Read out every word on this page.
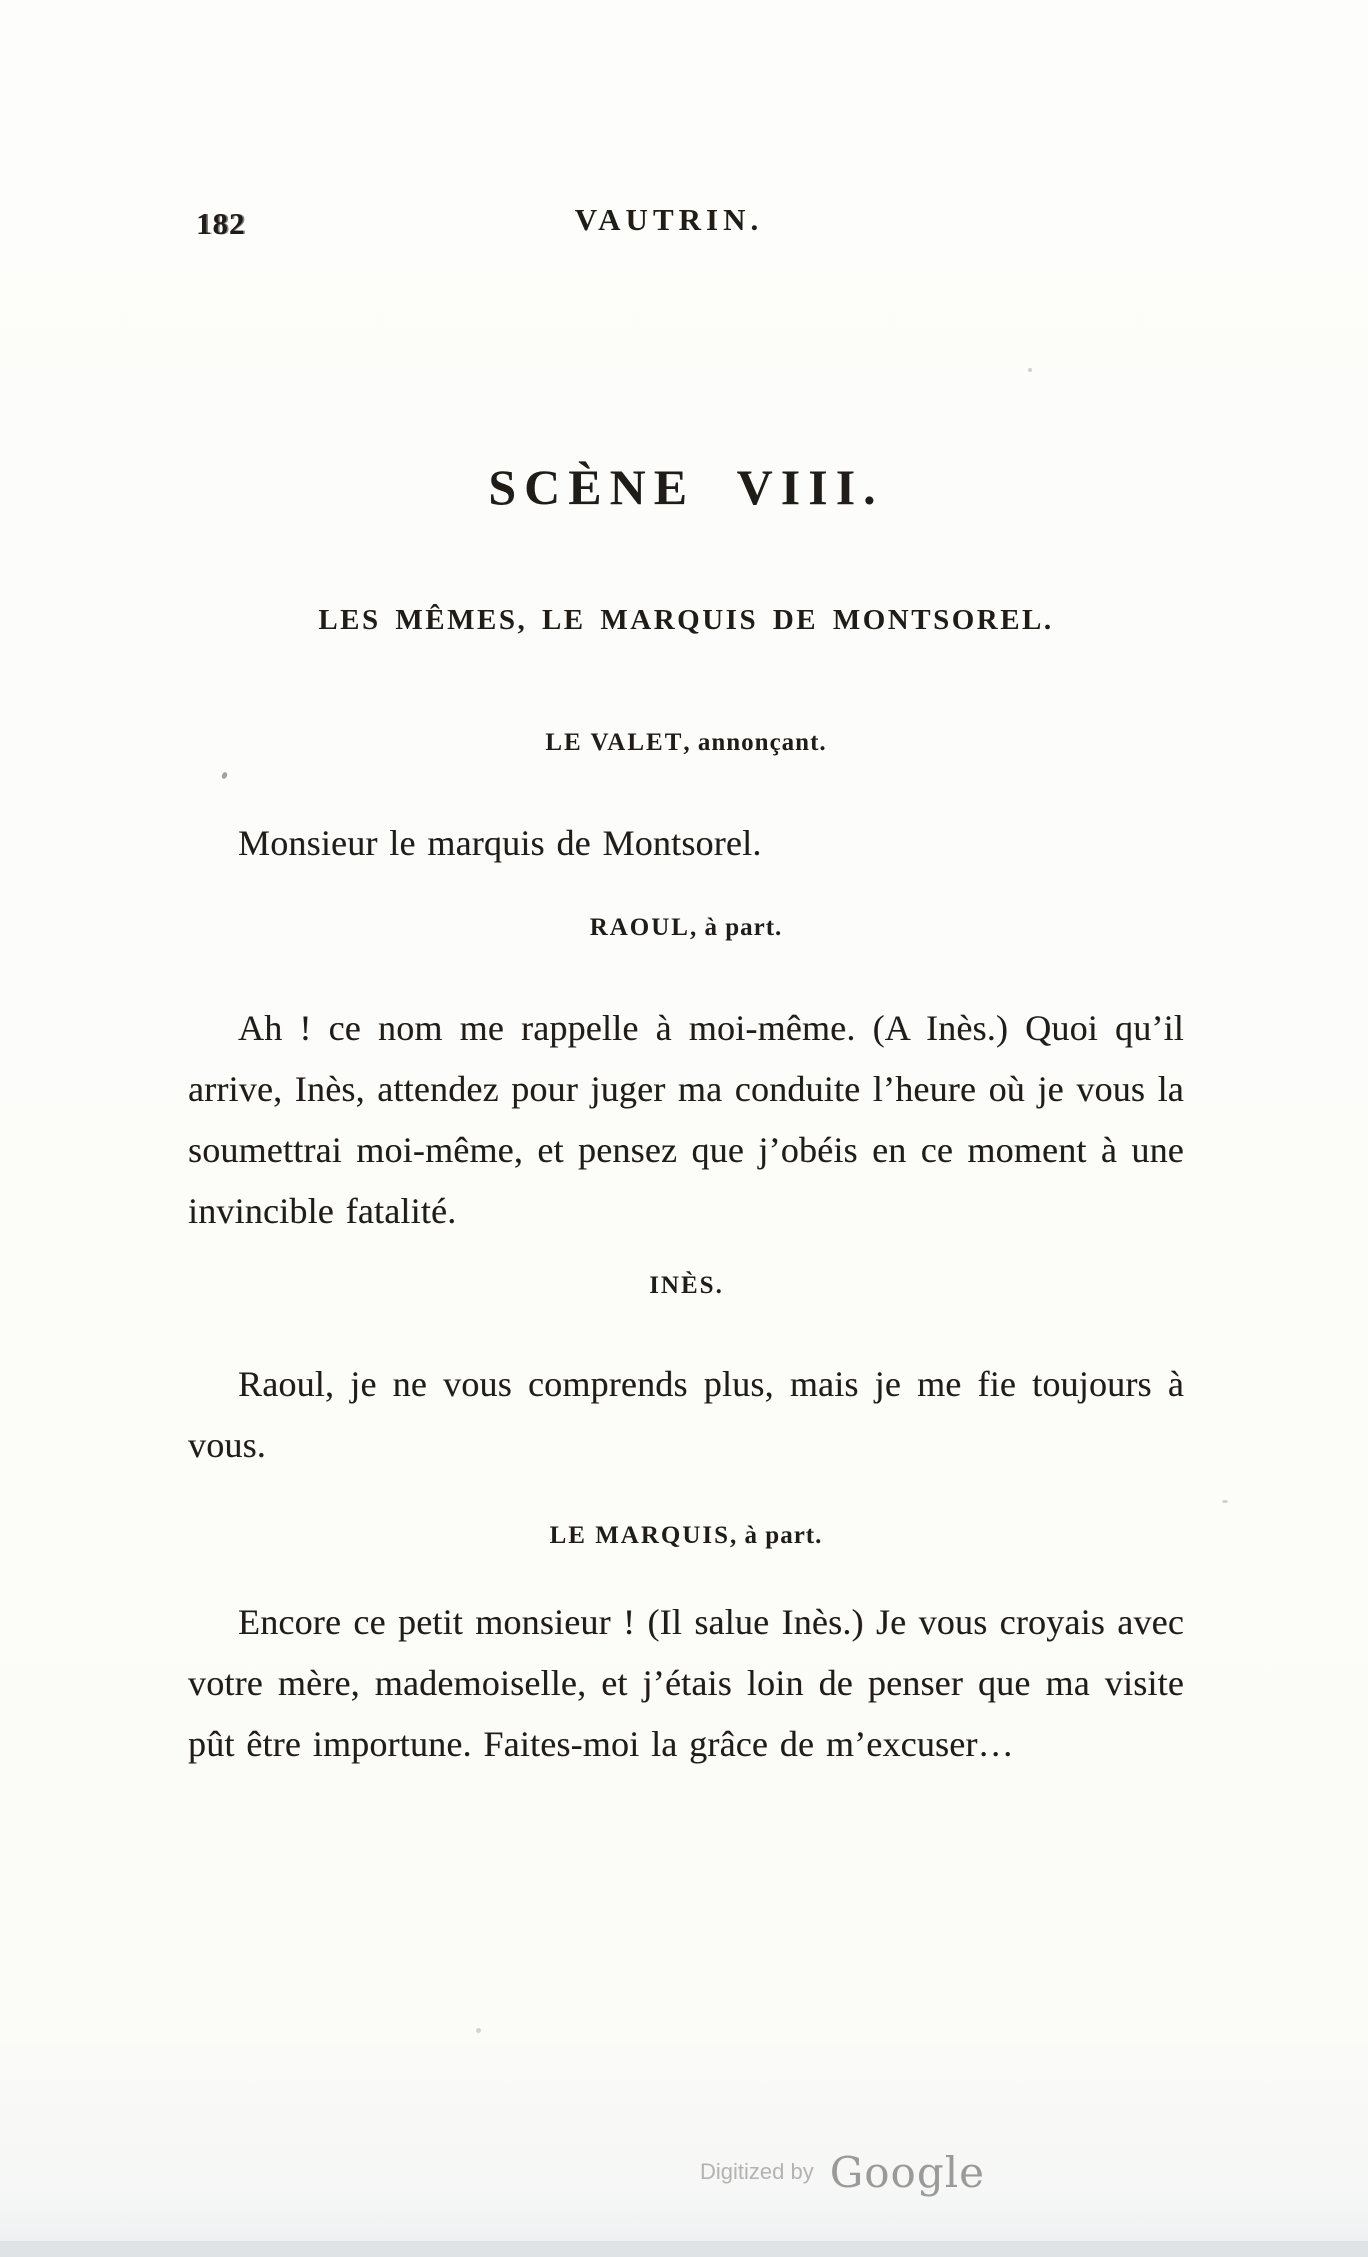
182	VAUTRIN.
SCÈNE VIII.
LES MÊMES, LE MARQUIS DE MONTSOREL.

LE VALET, annonçant.

Monsieur le marquis de Montsorel.

RAOUL, à part.

Ah ! ce nom me rappelle à moi-même. (A Inès.) Quoi qu’il arrive, Inès, attendez pour juger ma conduite l’heure où je vous la soumettrai moi-même, et pensez que j’obéis en ce moment à une invincible fatalité.

INÈS.

Raoul, je ne vous comprends plus, mais je me fie toujours à vous.

LE MARQUIS, à part.

Encore ce petit monsieur ! (Il salue Inès.) Je vous croyais avec votre mère, mademoiselle, et j’étais loin de penser que ma visite pût être importune. Faites-moi la grâce de m’excuser…

Digitized by Google
